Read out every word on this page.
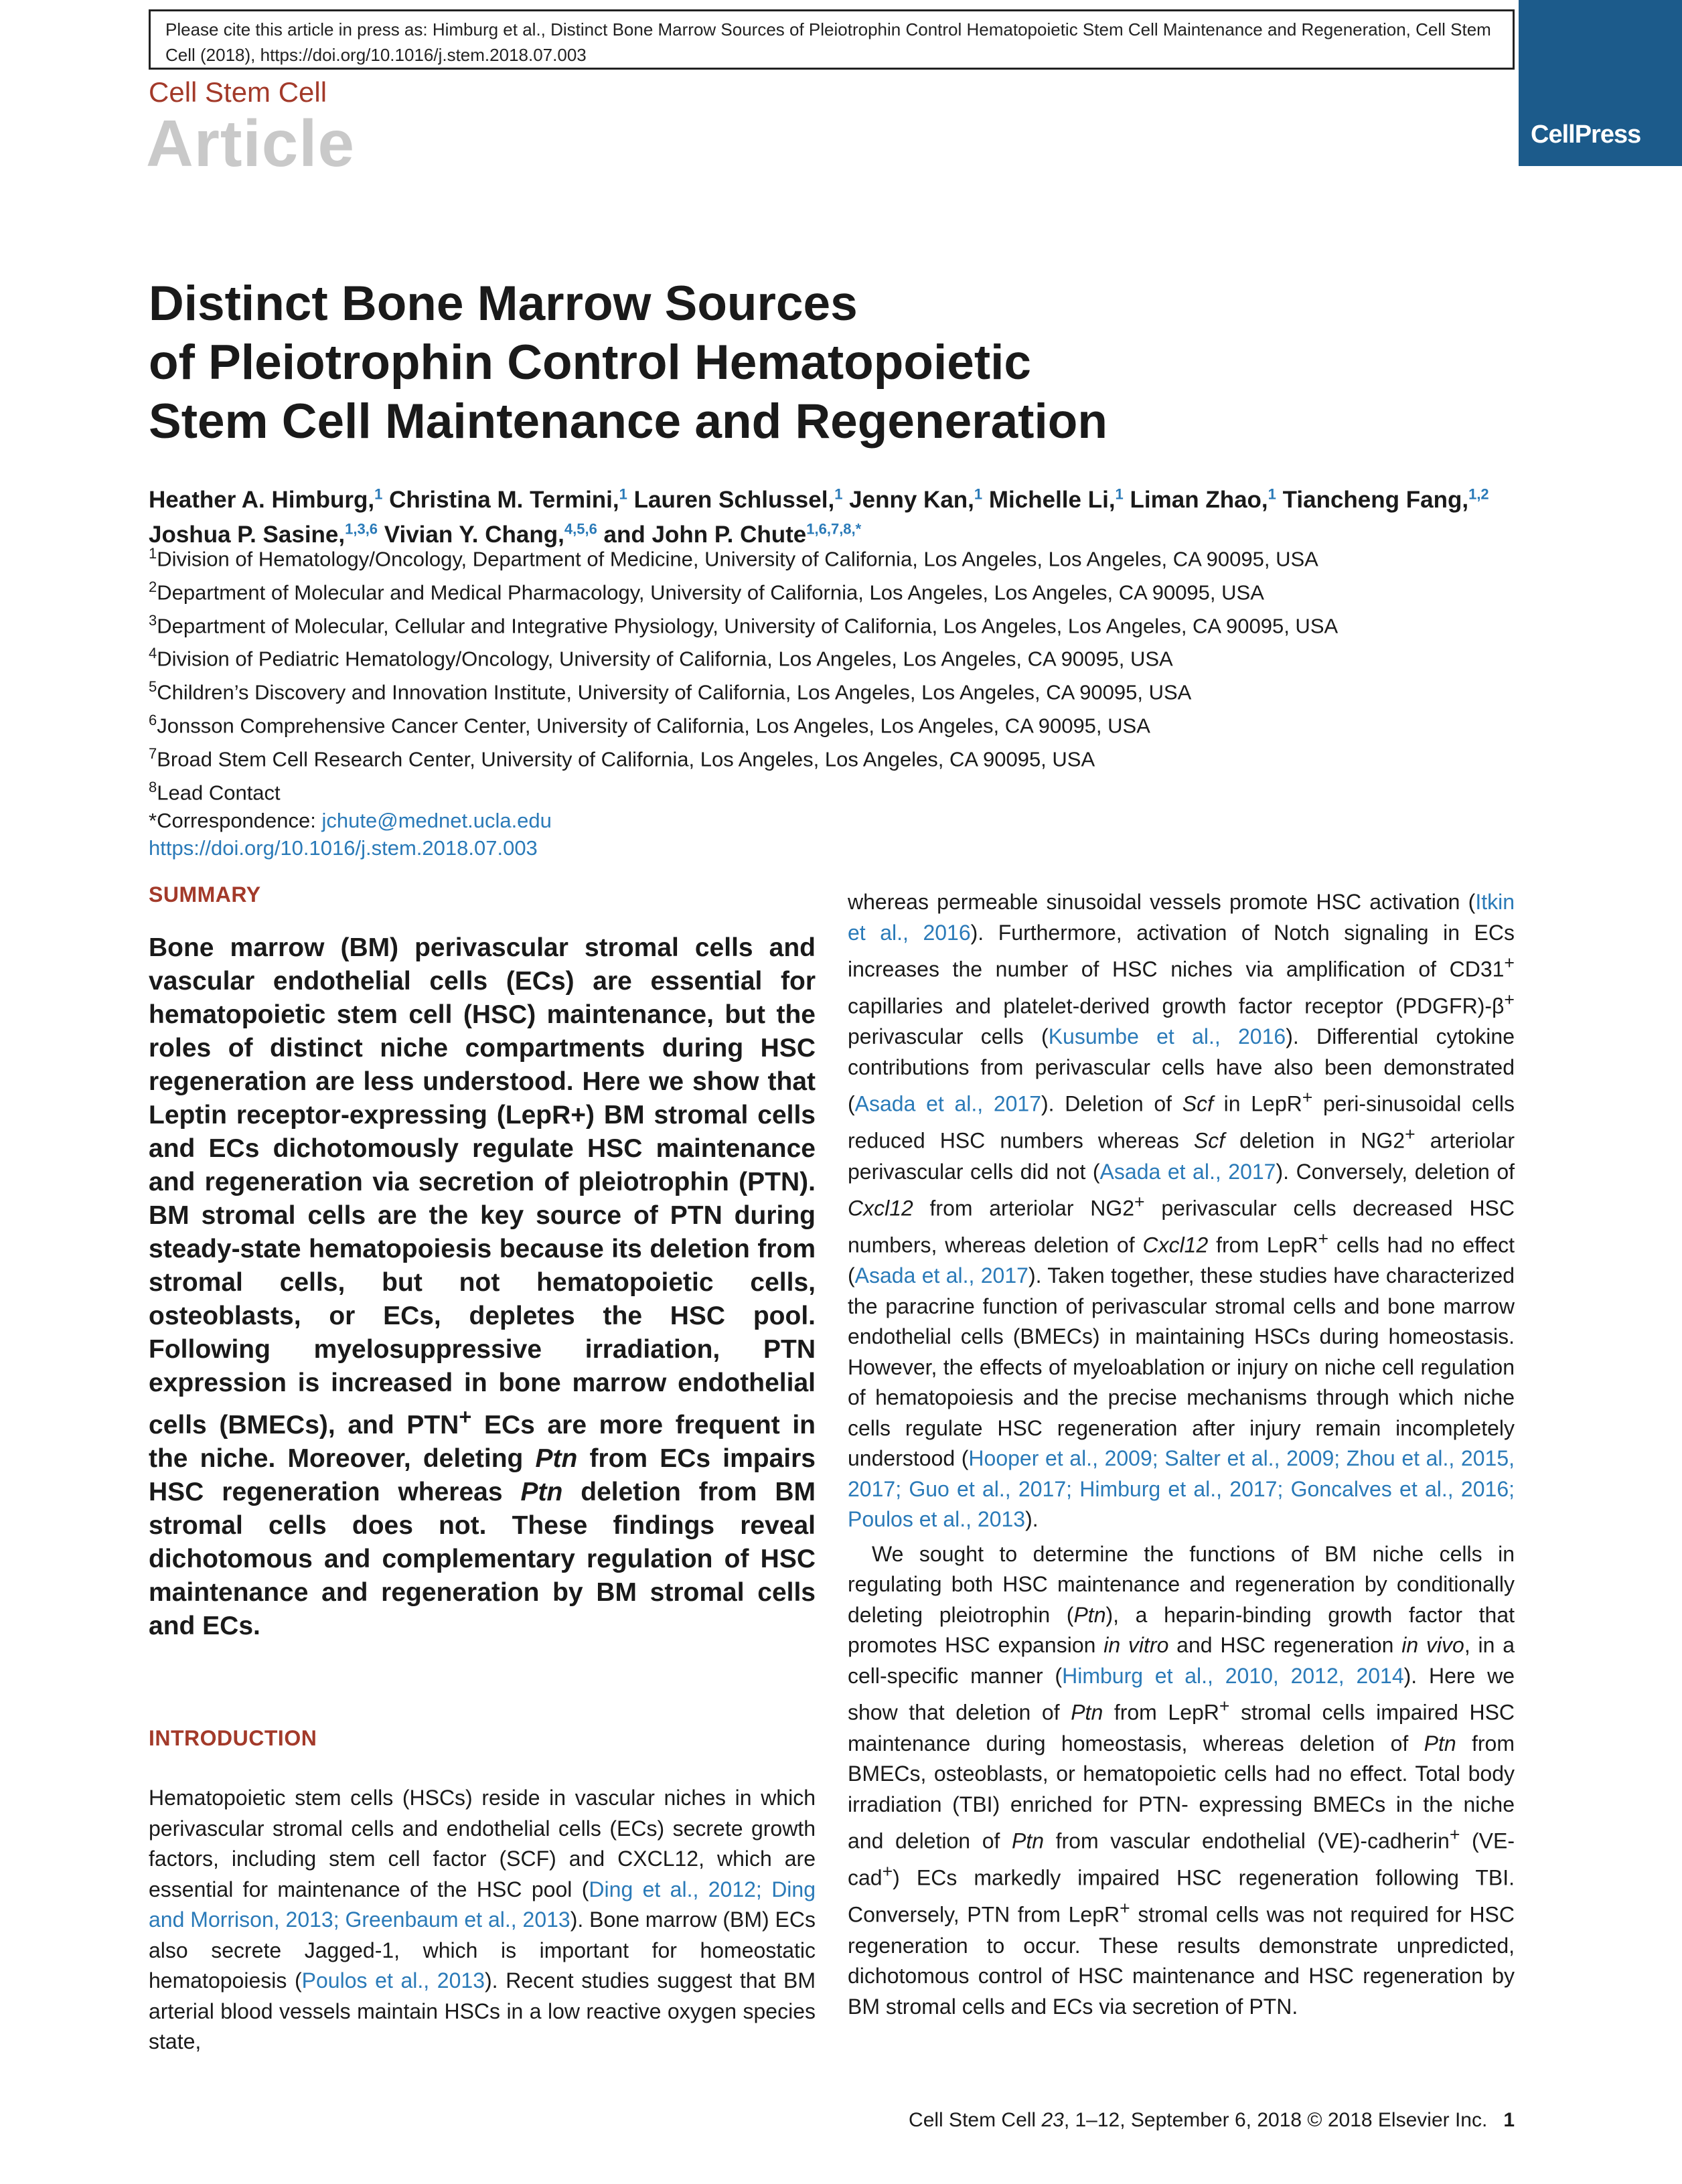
Please cite this article in press as: Himburg et al., Distinct Bone Marrow Sources of Pleiotrophin Control Hematopoietic Stem Cell Maintenance and Regeneration, Cell Stem Cell (2018), https://doi.org/10.1016/j.stem.2018.07.003
Cell Stem Cell
Article	CellPress
Distinct Bone Marrow Sources
of Pleiotrophin Control Hematopoietic
Stem Cell Maintenance and Regeneration
Heather A. Himburg,$^1$ Christina M. Termini,$^1$ Lauren Schlussel,$^1$ Jenny Kan,$^1$ Michelle Li,$^1$ Liman Zhao,$^1$ Tiancheng Fang,$^{1,2}$
Joshua P. Sasine,$^{1,3,6}$ Vivian Y. Chang,$^{4,5,6}$ and John P. Chute$^{1,6,7,8,*}$
$^1$Division of Hematology/Oncology, Department of Medicine, University of California, Los Angeles, Los Angeles, CA 90095, USA
$^2$Department of Molecular and Medical Pharmacology, University of California, Los Angeles, Los Angeles, CA 90095, USA
$^3$Department of Molecular, Cellular and Integrative Physiology, University of California, Los Angeles, Los Angeles, CA 90095, USA
$^4$Division of Pediatric Hematology/Oncology, University of California, Los Angeles, Los Angeles, CA 90095, USA
$^5$Children’s Discovery and Innovation Institute, University of California, Los Angeles, Los Angeles, CA 90095, USA
$^6$Jonsson Comprehensive Cancer Center, University of California, Los Angeles, Los Angeles, CA 90095, USA
$^7$Broad Stem Cell Research Center, University of California, Los Angeles, Los Angeles, CA 90095, USA
$^8$Lead Contact
*Correspondence: jchute@mednet.ucla.edu
https://doi.org/10.1016/j.stem.2018.07.003
SUMMARY

Bone marrow (BM) perivascular stromal cells and vascular endothelial cells (ECs) are essential for hematopoietic stem cell (HSC) maintenance, but the roles of distinct niche compartments during HSC regeneration are less understood. Here we show that Leptin receptor-expressing (LepR+) BM stromal cells and ECs dichotomously regulate HSC maintenance and regeneration via secretion of pleiotrophin (PTN). BM stromal cells are the key source of PTN during steady-state hematopoiesis because its deletion from stromal cells, but not hematopoietic cells, osteoblasts, or ECs, depletes the HSC pool. Following myelosuppressive irradiation, PTN expression is increased in bone marrow endothelial cells (BMECs), and PTN+ ECs are more frequent in the niche. Moreover, deleting Ptn from ECs impairs HSC regeneration whereas Ptn deletion from BM stromal cells does not. These findings reveal dichotomous and complementary regulation of HSC maintenance and regeneration by BM stromal cells and ECs.

INTRODUCTION

Hematopoietic stem cells (HSCs) reside in vascular niches in which perivascular stromal cells and endothelial cells (ECs) secrete growth factors, including stem cell factor (SCF) and CXCL12, which are essential for maintenance of the HSC pool (Ding et al., 2012; Ding and Morrison, 2013; Greenbaum et al., 2013). Bone marrow (BM) ECs also secrete Jagged-1, which is important for homeostatic hematopoiesis (Poulos et al., 2013). Recent studies suggest that BM arterial blood vessels maintain HSCs in a low reactive oxygen species state,

whereas permeable sinusoidal vessels promote HSC activation (Itkin et al., 2016). Furthermore, activation of Notch signaling in ECs increases the number of HSC niches via amplification of CD31+ capillaries and platelet-derived growth factor receptor (PDGFR)-β+ perivascular cells (Kusumbe et al., 2016). Differential cytokine contributions from perivascular cells have also been demonstrated (Asada et al., 2017). Deletion of Scf in LepR+ peri-sinusoidal cells reduced HSC numbers whereas Scf deletion in NG2+ arteriolar perivascular cells did not (Asada et al., 2017). Conversely, deletion of Cxcl12 from arteriolar NG2+ perivascular cells decreased HSC numbers, whereas deletion of Cxcl12 from LepR+ cells had no effect (Asada et al., 2017). Taken together, these studies have characterized the paracrine function of perivascular stromal cells and bone marrow endothelial cells (BMECs) in maintaining HSCs during homeostasis. However, the effects of myeloablation or injury on niche cell regulation of hematopoiesis and the precise mechanisms through which niche cells regulate HSC regeneration after injury remain incompletely understood (Hooper et al., 2009; Salter et al., 2009; Zhou et al., 2015, 2017; Guo et al., 2017; Himburg et al., 2017; Goncalves et al., 2016; Poulos et al., 2013).

We sought to determine the functions of BM niche cells in regulating both HSC maintenance and regeneration by conditionally deleting pleiotrophin (Ptn), a heparin-binding growth factor that promotes HSC expansion in vitro and HSC regeneration in vivo, in a cell-specific manner (Himburg et al., 2010, 2012, 2014). Here we show that deletion of Ptn from LepR+ stromal cells impaired HSC maintenance during homeostasis, whereas deletion of Ptn from BMECs, osteoblasts, or hematopoietic cells had no effect. Total body irradiation (TBI) enriched for PTN- expressing BMECs in the niche and deletion of Ptn from vascular endothelial (VE)-cadherin+ (VE-cad+) ECs markedly impaired HSC regeneration following TBI. Conversely, PTN from LepR+ stromal cells was not required for HSC regeneration to occur. These results demonstrate unpredicted, dichotomous control of HSC maintenance and HSC regeneration by BM stromal cells and ECs via secretion of PTN.

Cell Stem Cell 23, 1–12, September 6, 2018 © 2018 Elsevier Inc. 1
